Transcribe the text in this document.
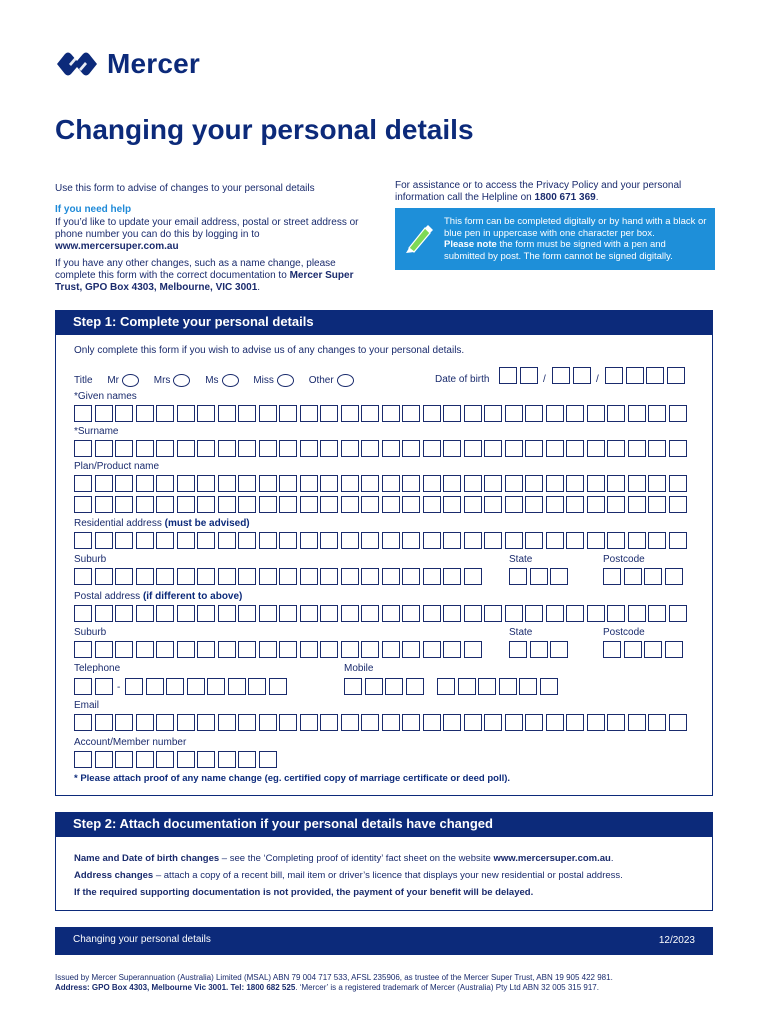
Mercer
Changing your personal details

Use this form to advise of changes to your personal details

If you need help

If you’d like to update your email address, postal or street address or phone number you can do this by logging in to www.mercersuper.com.au

If you have any other changes, such as a name change, please complete this form with the correct documentation to Mercer Super Trust, GPO Box 4303, Melbourne, VIC 3001.

For assistance or to access the Privacy Policy and your personal information call the Helpline on 1800 671 369.
This form can be completed digitally or by hand with a black or blue pen in uppercase with one character per box.
Please note the form must be signed with a pen and submitted by post. The form cannot be signed digitally.
Step 1: Complete your personal details
Only complete this form if you wish to advise us of any changes to your personal details.
Title Mr	Mrs	Ms	Miss	Other	Date of birth	/	/
*Given names
*Surname
Plan/Product name
Residential address (must be advised)
Suburb	State	Postcode
Postal address (if different to above)
Suburb	State	Postcode
Telephone	Mobile
-
Email
Account/Member number
* Please attach proof of any name change (eg. certified copy of marriage certificate or deed poll).
Step 2: Attach documentation if your personal details have changed
Name and Date of birth changes – see the ‘Completing proof of identity’ fact sheet on the website www.mercersuper.com.au.
Address changes – attach a copy of a recent bill, mail item or driver’s licence that displays your new residential or postal address.
If the required supporting documentation is not provided, the payment of your benefit will be delayed.
Changing your personal details	12/2023
Issued by Mercer Superannuation (Australia) Limited (MSAL) ABN 79 004 717 533, AFSL 235906, as trustee of the Mercer Super Trust, ABN 19 905 422 981.
Address: GPO Box 4303, Melbourne Vic 3001. Tel: 1800 682 525. ‘Mercer’ is a registered trademark of Mercer (Australia) Pty Ltd ABN 32 005 315 917.
